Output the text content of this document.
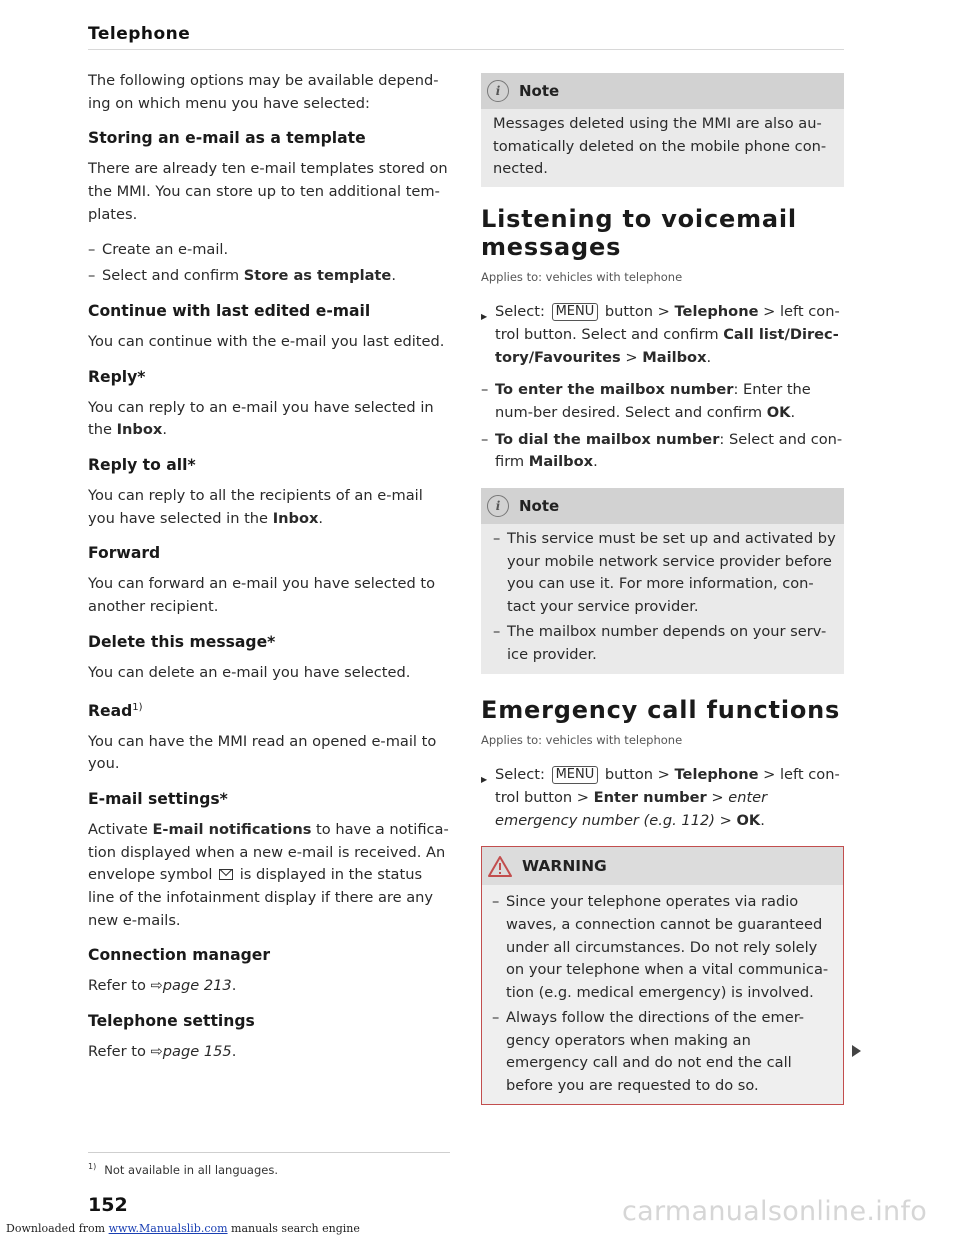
Telephone

The following options may be available depend-ing on which menu you have selected:

Storing an e-mail as a template

There are already ten e-mail templates stored on the MMI. You can store up to ten additional tem-plates.

– Create an e-mail.
– Select and confirm Store as template.
Continue with last edited e-mail

You can continue with the e-mail you last edited.

Reply*

You can reply to an e-mail you have selected in the Inbox.

Reply to all*

You can reply to all the recipients of an e-mail you have selected in the Inbox.

Forward

You can forward an e-mail you have selected to another recipient.

Delete this message*

You can delete an e-mail you have selected.

Read$^{1)}$

You can have the MMI read an opened e-mail to you.

E-mail settings*

Activate E-mail notifications to have a notifica-tion displayed when a new e-mail is received. An envelope symbol  is displayed in the status line of the infotainment display if there are any new e-mails.

Connection manager

Refer to ⇨page 213.

Telephone settings

Refer to ⇨page 155.

i	Note
Messages deleted using the MMI are also au-tomatically deleted on the mobile phone con-nected.
Listening to voicemail messages
Applies to: vehicles with telephone
▶ Select: MENU button > Telephone > left con-trol button. Select and confirm Call list/Direc-tory/Favourites > Mailbox.
– To enter the mailbox number: Enter the num-ber desired. Select and confirm OK.
– To dial the mailbox number: Select and con-firm Mailbox.
i	Note
– This service must be set up and activated by your mobile network service provider before you can use it. For more information, con-tact your service provider.
– The mailbox number depends on your serv-ice provider.
Emergency call functions
Applies to: vehicles with telephone
▶ Select: MENU button > Telephone > left con-trol button > Enter number > enter emergency number (e.g. 112) > OK.
WARNING
– Since your telephone operates via radio waves, a connection cannot be guaranteed under all circumstances. Do not rely solely on your telephone when a vital communica-tion (e.g. medical emergency) is involved.
– Always follow the directions of the emer-gency operators when making an emergency call and do not end the call before you are requested to do so.
$^{1)}$ Not available in all languages.
152
Downloaded from www.Manualslib.com manuals search engine
carmanualsonline.info
